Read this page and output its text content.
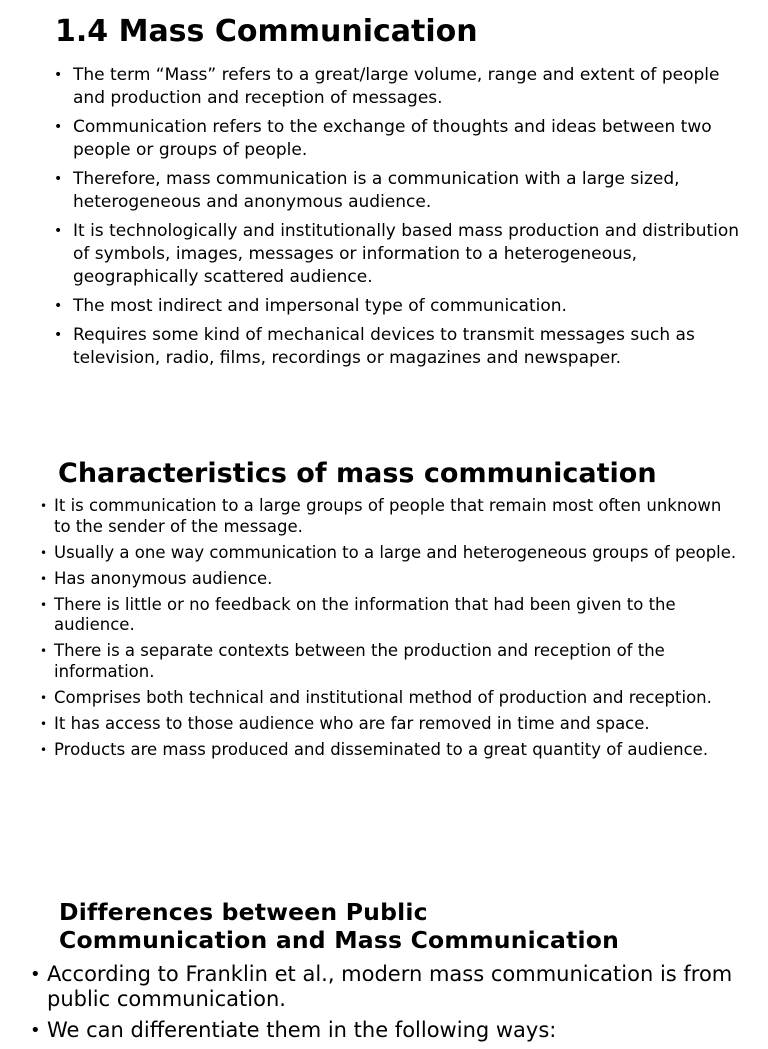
1.4 Mass Communication
• The term “Mass” refers to a great/large volume, range and extent of people and production and reception of messages.
• Communication refers to the exchange of thoughts and ideas between two people or groups of people.
• Therefore, mass communication is a communication with a large sized, heterogeneous and anonymous audience.
• It is technologically and institutionally based mass production and distribution of symbols, images, messages or information to a heterogeneous, geographically scattered audience.
• The most indirect and impersonal type of communication.
• Requires some kind of mechanical devices to transmit messages such as television, radio, films, recordings or magazines and newspaper.
Characteristics of mass communication
• It is communication to a large groups of people that remain most often unknown to the sender of the message.
• Usually a one way communication to a large and heterogeneous groups of people.
• Has anonymous audience.
• There is little or no feedback on the information that had been given to the audience.
• There is a separate contexts between the production and reception of the information.
• Comprises both technical and institutional method of production and reception.
• It has access to those audience who are far removed in time and space.
• Products are mass produced and disseminated to a great quantity of audience.
Differences between Public
Communication and Mass Communication
• According to Franklin et al., modern mass communication is from public communication.
• We can differentiate them in the following ways:
